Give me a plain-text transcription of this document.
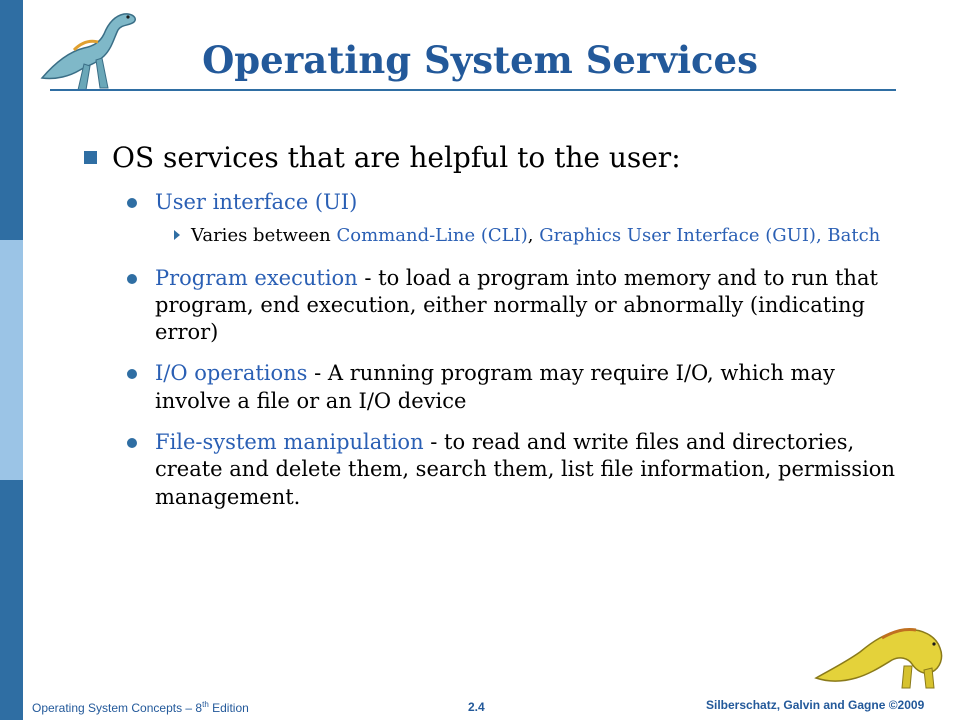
Operating System Services
OS services that are helpful to the user:
User interface (UI)
Varies between Command-Line (CLI), Graphics User Interface (GUI), Batch
Program execution - to load a program into memory and to run that program, end execution, either normally or abnormally (indicating error)
I/O operations - A running program may require I/O, which may involve a file or an I/O device
File-system manipulation - to read and write files and directories, create and delete them, search them, list file information, permission management.
Operating System Concepts – 8th Edition	2.4	Silberschatz, Galvin and Gagne ©2009
